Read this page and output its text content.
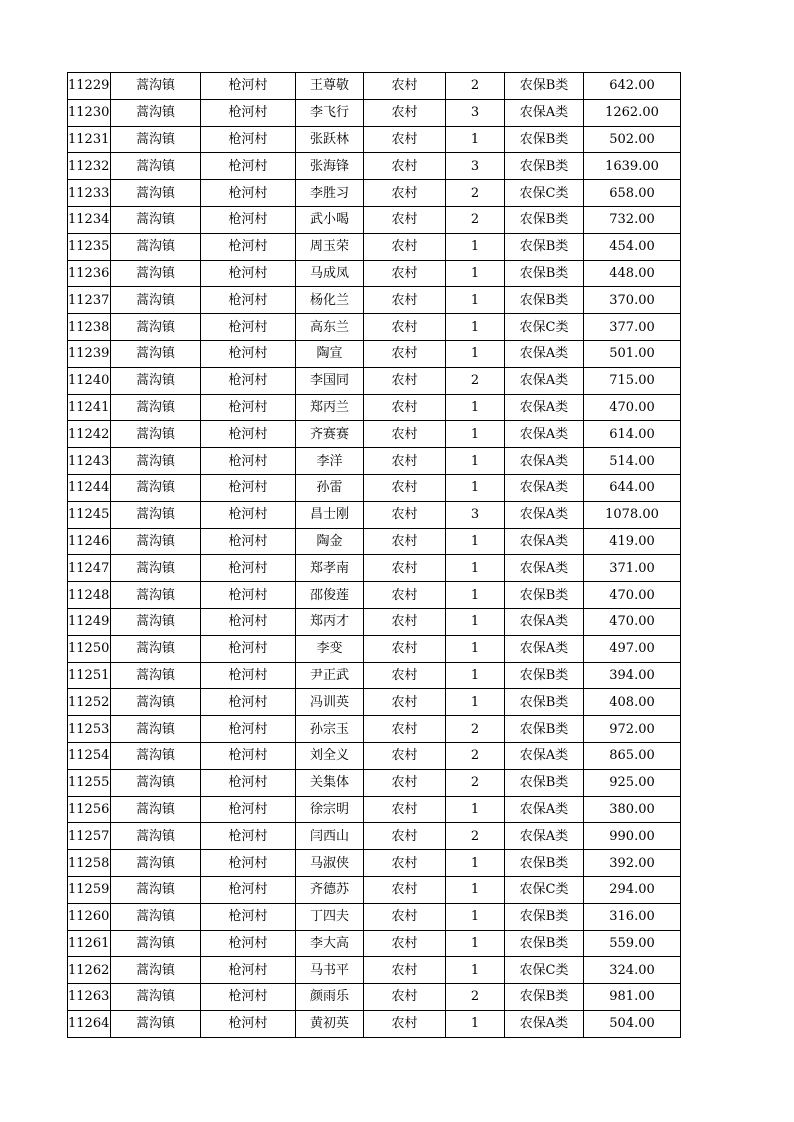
11229	蒿沟镇	枪河村	王尊敬	农村	2	农保B类	642.00
11230	蒿沟镇	枪河村	李飞行	农村	3	农保A类	1262.00
11231	蒿沟镇	枪河村	张跃林	农村	1	农保B类	502.00
11232	蒿沟镇	枪河村	张海锋	农村	3	农保B类	1639.00
11233	蒿沟镇	枪河村	李胜习	农村	2	农保C类	658.00
11234	蒿沟镇	枪河村	武小喝	农村	2	农保B类	732.00
11235	蒿沟镇	枪河村	周玉荣	农村	1	农保B类	454.00
11236	蒿沟镇	枪河村	马成凤	农村	1	农保B类	448.00
11237	蒿沟镇	枪河村	杨化兰	农村	1	农保B类	370.00
11238	蒿沟镇	枪河村	高东兰	农村	1	农保C类	377.00
11239	蒿沟镇	枪河村	陶宣	农村	1	农保A类	501.00
11240	蒿沟镇	枪河村	李国同	农村	2	农保A类	715.00
11241	蒿沟镇	枪河村	郑丙兰	农村	1	农保A类	470.00
11242	蒿沟镇	枪河村	齐赛赛	农村	1	农保A类	614.00
11243	蒿沟镇	枪河村	李洋	农村	1	农保A类	514.00
11244	蒿沟镇	枪河村	孙雷	农村	1	农保A类	644.00
11245	蒿沟镇	枪河村	昌士刚	农村	3	农保A类	1078.00
11246	蒿沟镇	枪河村	陶金	农村	1	农保A类	419.00
11247	蒿沟镇	枪河村	郑孝南	农村	1	农保A类	371.00
11248	蒿沟镇	枪河村	邵俊莲	农村	1	农保B类	470.00
11249	蒿沟镇	枪河村	郑丙才	农村	1	农保A类	470.00
11250	蒿沟镇	枪河村	李变	农村	1	农保A类	497.00
11251	蒿沟镇	枪河村	尹正武	农村	1	农保B类	394.00
11252	蒿沟镇	枪河村	冯训英	农村	1	农保B类	408.00
11253	蒿沟镇	枪河村	孙宗玉	农村	2	农保B类	972.00
11254	蒿沟镇	枪河村	刘全义	农村	2	农保A类	865.00
11255	蒿沟镇	枪河村	关集体	农村	2	农保B类	925.00
11256	蒿沟镇	枪河村	徐宗明	农村	1	农保A类	380.00
11257	蒿沟镇	枪河村	闫西山	农村	2	农保A类	990.00
11258	蒿沟镇	枪河村	马淑侠	农村	1	农保B类	392.00
11259	蒿沟镇	枪河村	齐德苏	农村	1	农保C类	294.00
11260	蒿沟镇	枪河村	丁四夫	农村	1	农保B类	316.00
11261	蒿沟镇	枪河村	李大高	农村	1	农保B类	559.00
11262	蒿沟镇	枪河村	马书平	农村	1	农保C类	324.00
11263	蒿沟镇	枪河村	颜雨乐	农村	2	农保B类	981.00
11264	蒿沟镇	枪河村	黄初英	农村	1	农保A类	504.00
